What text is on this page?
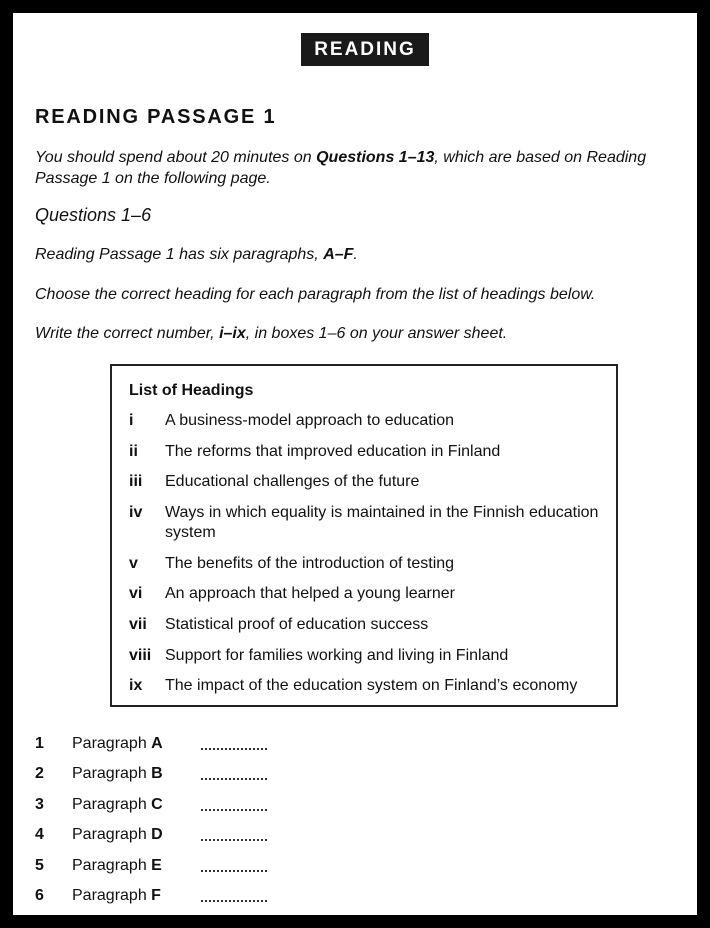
READING
READING PASSAGE 1
You should spend about 20 minutes on Questions 1–13, which are based on Reading Passage 1 on the following page.
Questions 1–6
Reading Passage 1 has six paragraphs, A–F.
Choose the correct heading for each paragraph from the list of headings below.
Write the correct number, i–ix, in boxes 1–6 on your answer sheet.
List of Headings
i	A business-model approach to education
ii	The reforms that improved education in Finland
iii	Educational challenges of the future
iv	Ways in which equality is maintained in the Finnish education system
v	The benefits of the introduction of testing
vi	An approach that helped a young learner
vii	Statistical proof of education success
viii Support for families working and living in Finland
ix	The impact of the education system on Finland’s economy
1 Paragraph A
2 Paragraph B
3 Paragraph C
4 Paragraph D
5 Paragraph E
6 Paragraph F
